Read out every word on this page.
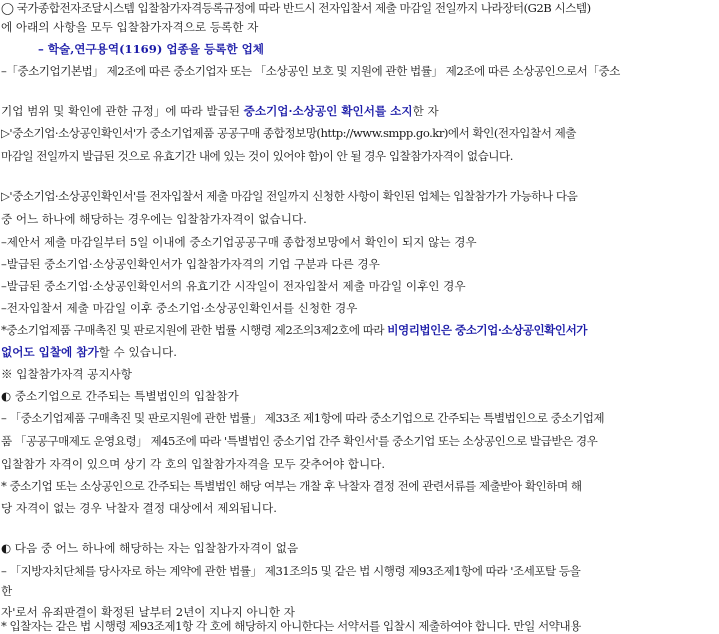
◯ 국가종합전자조달시스템 입찰참가자격등록규정에 따라 반드시 전자입찰서 제출 마감일 전일까지 나라장터(G2B 시스템)
에 아래의 사항을 모두 입찰참가자격으로 등록한 자
– 학술,연구용역(1169) 업종을 등록한 업체
–「중소기업기본법」 제2조에 따른 중소기업자 또는 「소상공인 보호 및 지원에 관한 법률」 제2조에 따른 소상공인으로서「중소
기업 범위 및 확인에 관한 규정」에 따라 발급된 중소기업·소상공인 확인서를 소지한 자
▷'중소기업·소상공인확인서'가 중소기업제품 공공구매 종합정보망(http://www.smpp.go.kr)에서 확인(전자입찰서 제출
마감일 전일까지 발급된 것으로 유효기간 내에 있는 것이 있어야 함)이 안 될 경우 입찰참가자격이 없습니다.
▷'중소기업·소상공인확인서'를 전자입찰서 제출 마감일 전일까지 신청한 사항이 확인된 업체는 입찰참가가 가능하나 다음
중 어느 하나에 해당하는 경우에는 입찰참가자격이 없습니다.
–제안서 제출 마감일부터 5일 이내에 중소기업공공구매 종합정보망에서 확인이 되지 않는 경우
–발급된 중소기업·소상공인확인서가 입찰참가자격의 기업 구분과 다른 경우
–발급된 중소기업·소상공인확인서의 유효기간 시작일이 전자입찰서 제출 마감일 이후인 경우
–전자입찰서 제출 마감일 이후 중소기업·소상공인확인서를 신청한 경우
*중소기업제품 구매촉진 및 판로지원에 관한 법률 시행령 제2조의3제2호에 따라 비영리법인은 중소기업·소상공인확인서가
없어도 입찰에 참가할 수 있습니다.
※ 입찰참가자격 공지사항
◐ 중소기업으로 간주되는 특별법인의 입찰참가
– 「중소기업제품 구매촉진 및 판로지원에 관한 법률」 제33조 제1항에 따라 중소기업으로 간주되는 특별법인으로 중소기업제
품 「공공구매제도 운영요령」 제45조에 따라 '특별법인 중소기업 간주 확인서'를 중소기업 또는 소상공인으로 발급받은 경우
입찰참가 자격이 있으며 상기 각 호의 입찰참가자격을 모두 갖추어야 합니다.
* 중소기업 또는 소상공인으로 간주되는 특별법인 해당 여부는 개찰 후 낙찰자 결정 전에 관련서류를 제출받아 확인하며 해
당 자격이 없는 경우 낙찰자 결정 대상에서 제외됩니다.
◐ 다음 중 어느 하나에 해당하는 자는 입찰참가자격이 없음
– 「지방자치단체를 당사자로 하는 계약에 관한 법률」 제31조의5 및 같은 법 시행령 제93조제1항에 따라 '조세포탈 등을
한
자'로서 유죄판결이 확정된 날부터 2년이 지나지 아니한 자
* 입찰자는 같은 법 시행령 제93조제1항 각 호에 해당하지 아니한다는 서약서를 입찰시 제출하여야 합니다. 만일 서약내용
